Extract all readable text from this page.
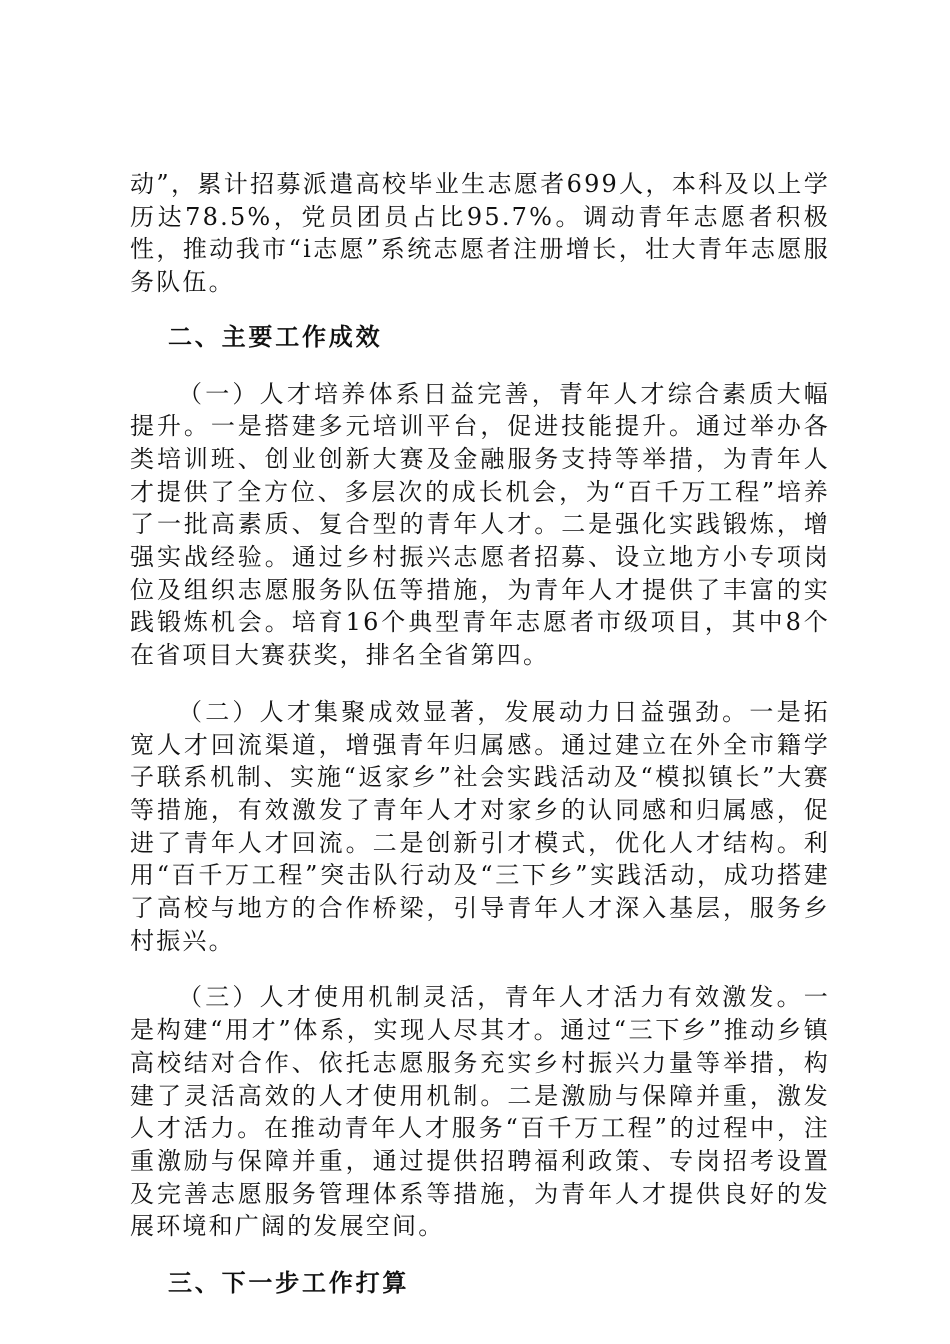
动”，累计招募派遣高校毕业生志愿者699人，本科及以上学历达78.5%，党员团员占比95.7%。调动青年志愿者积极性，推动我市“i志愿”系统志愿者注册增长，壮大青年志愿服务队伍。

二、主要工作成效

（一）人才培养体系日益完善，青年人才综合素质大幅提升。一是搭建多元培训平台，促进技能提升。通过举办各类培训班、创业创新大赛及金融服务支持等举措，为青年人才提供了全方位、多层次的成长机会，为“百千万工程”培养了一批高素质、复合型的青年人才。二是强化实践锻炼，增强实战经验。通过乡村振兴志愿者招募、设立地方小专项岗位及组织志愿服务队伍等措施，为青年人才提供了丰富的实践锻炼机会。培育16个典型青年志愿者市级项目，其中8个在省项目大赛获奖，排名全省第四。

（二）人才集聚成效显著，发展动力日益强劲。一是拓宽人才回流渠道，增强青年归属感。通过建立在外全市籍学子联系机制、实施“返家乡”社会实践活动及“模拟镇长”大赛等措施，有效激发了青年人才对家乡的认同感和归属感，促进了青年人才回流。二是创新引才模式，优化人才结构。利用“百千万工程”突击队行动及“三下乡”实践活动，成功搭建了高校与地方的合作桥梁，引导青年人才深入基层，服务乡村振兴。

（三）人才使用机制灵活，青年人才活力有效激发。一是构建“用才”体系，实现人尽其才。通过“三下乡”推动乡镇高校结对合作、依托志愿服务充实乡村振兴力量等举措，构建了灵活高效的人才使用机制。二是激励与保障并重，激发人才活力。在推动青年人才服务“百千万工程”的过程中，注重激励与保障并重，通过提供招聘福利政策、专岗招考设置及完善志愿服务管理体系等措施，为青年人才提供良好的发展环境和广阔的发展空间。

三、下一步工作打算
